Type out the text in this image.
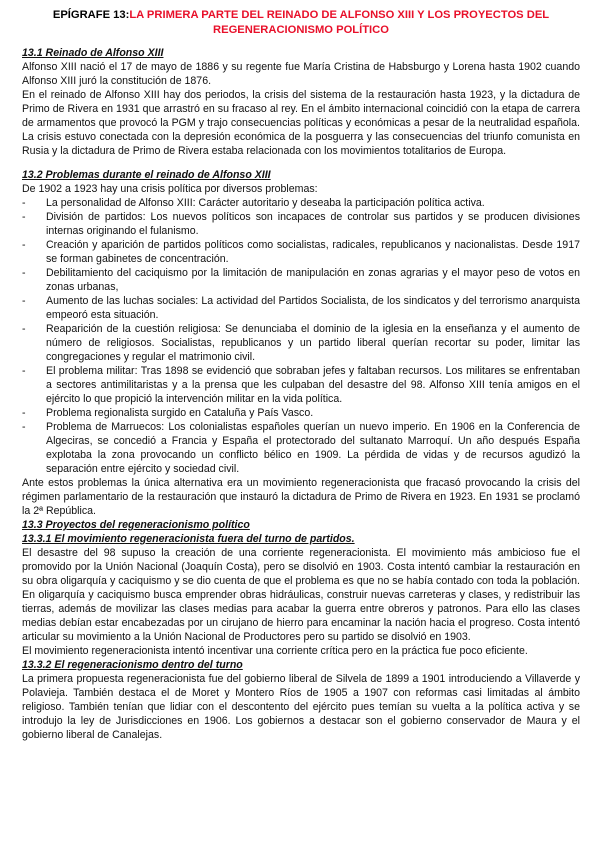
EPÍGRAFE 13:LA PRIMERA PARTE DEL REINADO DE ALFONSO XIII Y LOS PROYECTOS DEL REGENERACIONISMO POLÍTICO
13.1 Reinado de Alfonso XIII

Alfonso XIII nació el 17 de mayo de 1886 y su regente fue María Cristina de Habsburgo y Lorena hasta 1902 cuando Alfonso XIII juró la constitución de 1876.

En el reinado de Alfonso XIII hay dos periodos, la crisis del sistema de la restauración hasta 1923, y la dictadura de Primo de Rivera en 1931 que arrastró en su fracaso al rey. En el ámbito internacional coincidió con la etapa de carrera de armamentos que provocó la PGM y trajo consecuencias políticas y económicas a pesar de la neutralidad española. La crisis estuvo conectada con la depresión económica de la posguerra y las consecuencias del triunfo comunista en Rusia y la dictadura de Primo de Rivera estaba relacionada con los movimientos totalitarios de Europa.

13.2 Problemas durante el reinado de Alfonso XIII

De 1902 a 1923 hay una crisis política por diversos problemas:

- La personalidad de Alfonso XIII: Carácter autoritario y deseaba la participación política activa.
- División de partidos: Los nuevos políticos son incapaces de controlar sus partidos y se producen divisiones internas originando el fulanismo.
- Creación y aparición de partidos políticos como socialistas, radicales, republicanos y nacionalistas. Desde 1917 se forman gabinetes de concentración.
- Debilitamiento del caciquismo por la limitación de manipulación en zonas agrarias y el mayor peso de votos en zonas urbanas,
- Aumento de las luchas sociales: La actividad del Partidos Socialista, de los sindicatos y del terrorismo anarquista empeoró esta situación.
- Reaparición de la cuestión religiosa: Se denunciaba el dominio de la iglesia en la enseñanza y el aumento de número de religiosos. Socialistas, republicanos y un partido liberal querían recortar su poder, limitar las congregaciones y regular el matrimonio civil.
- El problema militar: Tras 1898 se evidenció que sobraban jefes y faltaban recursos. Los militares se enfrentaban a sectores antimilitaristas y a la prensa que les culpaban del desastre del 98. Alfonso XIII tenía amigos en el ejército lo que propició la intervención militar en la vida política.
- Problema regionalista surgido en Cataluña y País Vasco.
- Problema de Marruecos: Los colonialistas españoles querían un nuevo imperio. En 1906 en la Conferencia de Algeciras, se concedió a Francia y España el protectorado del sultanato Marroquí. Un año después España explotaba la zona provocando un conflicto bélico en 1909. La pérdida de vidas y de recursos agudizó la separación entre ejército y sociedad civil.

Ante estos problemas la única alternativa era un movimiento regeneracionista que fracasó provocando la crisis del régimen parlamentario de la restauración que instauró la dictadura de Primo de Rivera en 1923. En 1931 se proclamó la 2ª República.

13.3 Proyectos del regeneracionismo político
13.3.1 El movimiento regeneracionista fuera del turno de partidos.

El desastre del 98 supuso la creación de una corriente regeneracionista. El movimiento más ambicioso fue el promovido por la Unión Nacional (Joaquín Costa), pero se disolvió en 1903. Costa intentó cambiar la restauración en su obra oligarquía y caciquismo y se dio cuenta de que el problema es que no se había contado con toda la población. En oligarquía y caciquismo busca emprender obras hidráulicas, construir nuevas carreteras y clases, y redistribuir las tierras, además de movilizar las clases medias para acabar la guerra entre obreros y patronos. Para ello las clases medias debían estar encabezadas por un cirujano de hierro para encaminar la nación hacia el progreso. Costa intentó articular su movimiento a la Unión Nacional de Productores pero su partido se disolvió en 1903.

El movimiento regeneracionista intentó incentivar una corriente crítica pero en la práctica fue poco eficiente.

13.3.2 El regeneracionismo dentro del turno

La primera propuesta regeneracionista fue del gobierno liberal de Silvela de 1899 a 1901 introduciendo a Villaverde y Polavieja. También destaca el de Moret y Montero Ríos de 1905 a 1907 con reformas casi limitadas al ámbito religioso. También tenían que lidiar con el descontento del ejército pues temían su vuelta a la política activa y se introdujo la ley de Jurisdicciones en 1906. Los gobiernos a destacar son el gobierno conservador de Maura y el gobierno liberal de Canalejas.
